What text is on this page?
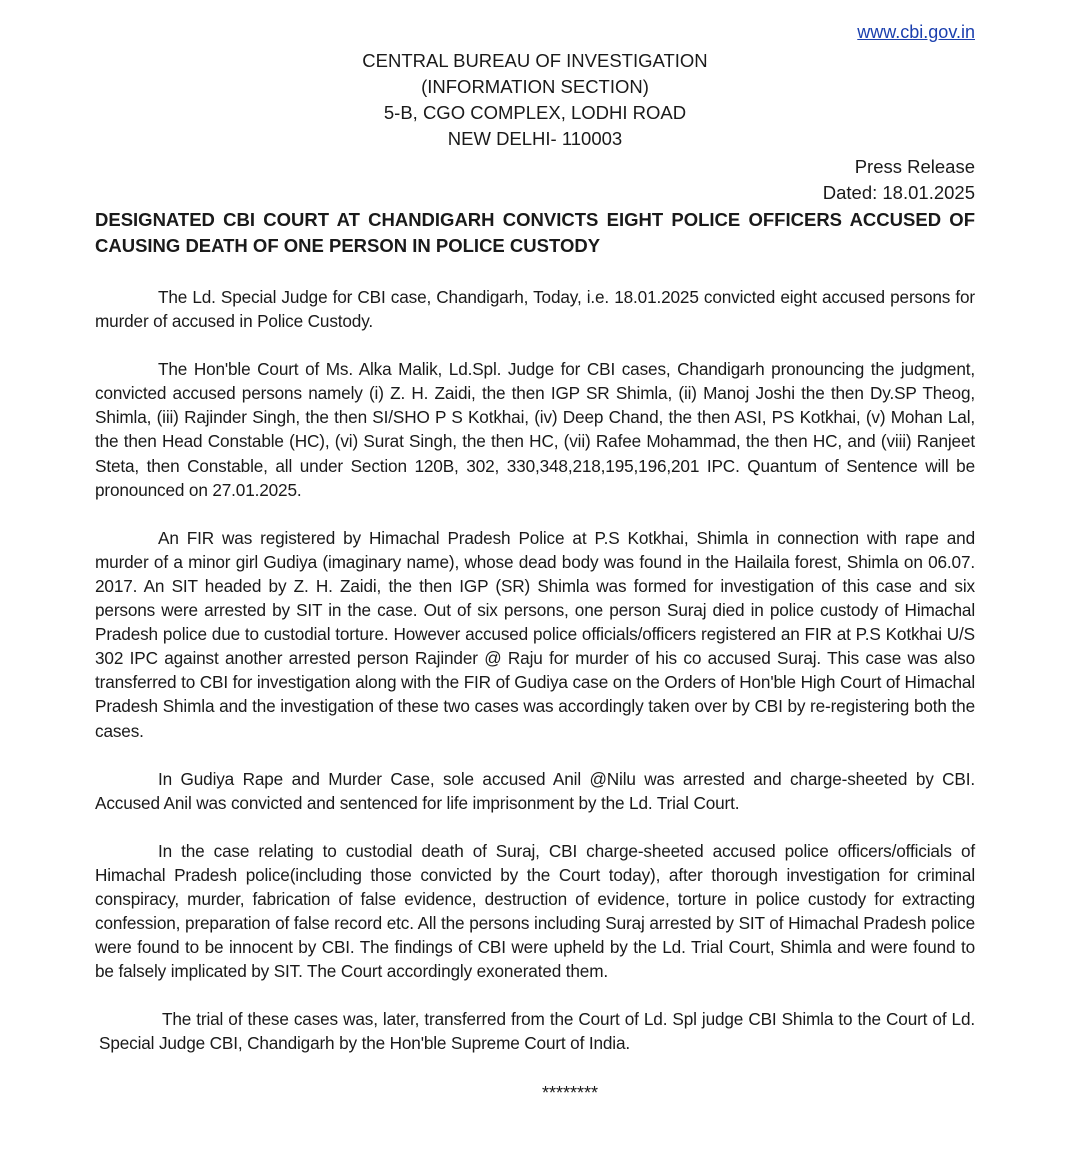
www.cbi.gov.in
CENTRAL BUREAU OF INVESTIGATION
(INFORMATION SECTION)
5-B, CGO COMPLEX, LODHI ROAD
NEW DELHI- 110003
Press Release
Dated: 18.01.2025
DESIGNATED CBI COURT AT CHANDIGARH CONVICTS EIGHT POLICE OFFICERS ACCUSED OF
CAUSING DEATH OF ONE PERSON IN POLICE CUSTODY

The Ld. Special Judge for CBI case, Chandigarh, Today, i.e. 18.01.2025 convicted eight accused persons for murder of accused in Police Custody.

The Hon'ble Court of Ms. Alka Malik, Ld.Spl. Judge for CBI cases, Chandigarh pronouncing the judgment, convicted accused persons namely (i) Z. H. Zaidi, the then IGP SR Shimla, (ii) Manoj Joshi the then Dy.SP Theog, Shimla, (iii) Rajinder Singh, the then SI/SHO P S Kotkhai, (iv) Deep Chand, the then ASI, PS Kotkhai, (v) Mohan Lal, the then Head Constable (HC), (vi) Surat Singh, the then HC, (vii) Rafee Mohammad, the then HC, and (viii) Ranjeet Steta, then Constable, all under Section 120B, 302, 330,348,218,195,196,201 IPC. Quantum of Sentence will be pronounced on 27.01.2025.

An FIR was registered by Himachal Pradesh Police at P.S Kotkhai, Shimla in connection with rape and murder of a minor girl Gudiya (imaginary name), whose dead body was found in the Hailaila forest, Shimla on 06.07. 2017. An SIT headed by Z. H. Zaidi, the then IGP (SR) Shimla was formed for investigation of this case and six persons were arrested by SIT in the case. Out of six persons, one person Suraj died in police custody of Himachal Pradesh police due to custodial torture. However accused police officials/officers registered an FIR at P.S Kotkhai U/S 302 IPC against another arrested person Rajinder @ Raju for murder of his co accused Suraj. This case was also transferred to CBI for investigation along with the FIR of Gudiya case on the Orders of Hon'ble High Court of Himachal Pradesh Shimla and the investigation of these two cases was accordingly taken over by CBI by re-registering both the cases.

In Gudiya Rape and Murder Case, sole accused Anil @Nilu was arrested and charge-sheeted by CBI. Accused Anil was convicted and sentenced for life imprisonment by the Ld. Trial Court.

In the case relating to custodial death of Suraj, CBI charge-sheeted accused police officers/officials of Himachal Pradesh police(including those convicted by the Court today), after thorough investigation for criminal conspiracy, murder, fabrication of false evidence, destruction of evidence, torture in police custody for extracting confession, preparation of false record etc. All the persons including Suraj arrested by SIT of Himachal Pradesh police were found to be innocent by CBI. The findings of CBI were upheld by the Ld. Trial Court, Shimla and were found to be falsely implicated by SIT. The Court accordingly exonerated them.

The trial of these cases was, later, transferred from the Court of Ld. Spl judge CBI Shimla to the Court of Ld. Special Judge CBI, Chandigarh by the Hon'ble Supreme Court of India.

********
